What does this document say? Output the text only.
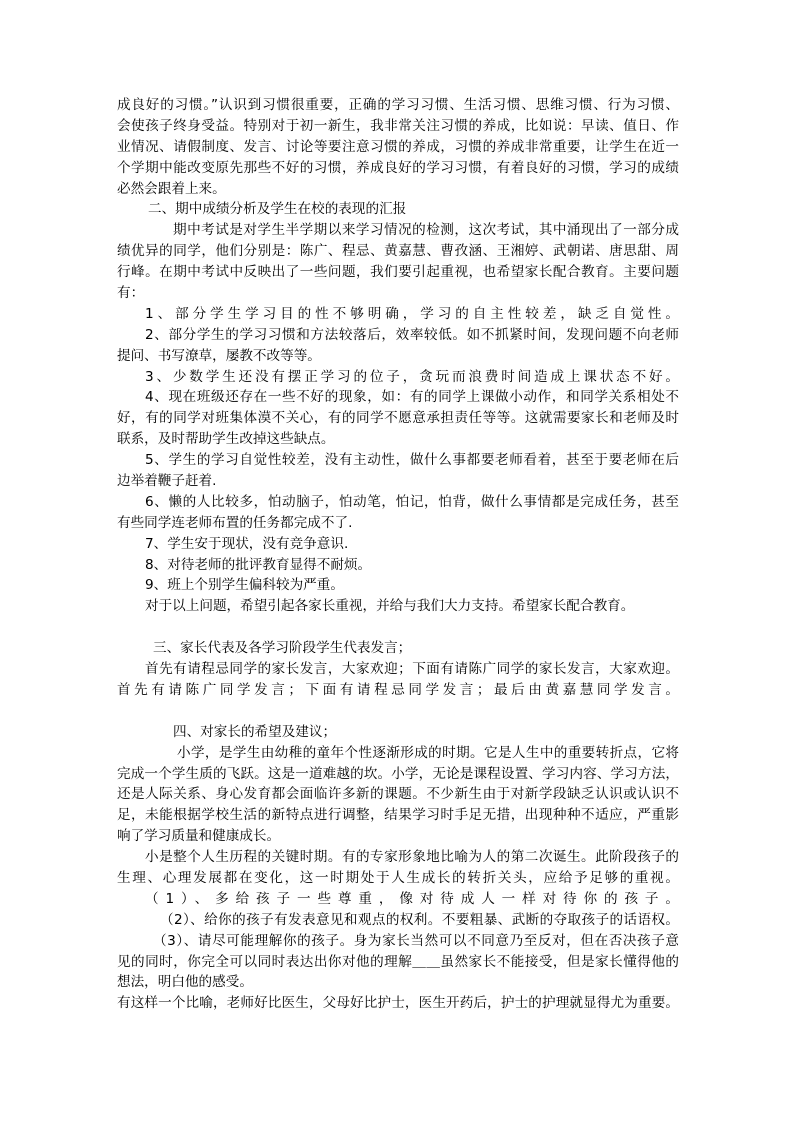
成良好的习惯。”认识到习惯很重要，正确的学习习惯、生活习惯、思维习惯、行为习惯、
会使孩子终身受益。特别对于初一新生，我非常关注习惯的养成，比如说：早读、值日、作
业情况、请假制度、发言、讨论等要注意习惯的养成，习惯的养成非常重要，让学生在近一
个学期中能改变原先那些不好的习惯，养成良好的学习习惯，有着良好的习惯，学习的成绩
必然会跟着上来。
二、期中成绩分析及学生在校的表现的汇报
期中考试是对学生半学期以来学习情况的检测，这次考试，其中涌现出了一部分成
绩优异的同学，他们分别是：陈广、程忌、黄嘉慧、曹孜涵、王湘婷、武朝诺、唐思甜、周
行峰。在期中考试中反映出了一些问题，我们要引起重视，也希望家长配合教育。主要问题
有：
1、部分学生学习目的性不够明确，学习的自主性较差，缺乏自觉性。
2、部分学生的学习习惯和方法较落后，效率较低。如不抓紧时间，发现问题不向老师
提问、书写潦草，屡教不改等等。
3、少数学生还没有摆正学习的位子，贪玩而浪费时间造成上课状态不好。
4、现在班级还存在一些不好的现象，如：有的同学上课做小动作，和同学关系相处不
好，有的同学对班集体漠不关心，有的同学不愿意承担责任等等。这就需要家长和老师及时
联系，及时帮助学生改掉这些缺点。
5、学生的学习自觉性较差，没有主动性，做什么事都要老师看着，甚至于要老师在后
边举着鞭子赶着.
6、懒的人比较多，怕动脑子，怕动笔，怕记，怕背，做什么事情都是完成任务，甚至
有些同学连老师布置的任务都完成不了.
7、学生安于现状，没有竞争意识.
8、对待老师的批评教育显得不耐烦。
9、班上个别学生偏科较为严重。
对于以上问题，希望引起各家长重视，并给与我们大力支持。希望家长配合教育。
三、家长代表及各学习阶段学生代表发言；
首先有请程忌同学的家长发言，大家欢迎；下面有请陈广同学的家长发言，大家欢迎。
首先有请陈广同学发言；下面有请程忌同学发言；最后由黄嘉慧同学发言。
四、对家长的希望及建议；
小学，是学生由幼稚的童年个性逐渐形成的时期。它是人生中的重要转折点，它将
完成一个学生质的飞跃。这是一道难越的坎。小学，无论是课程设置、学习内容、学习方法，
还是人际关系、身心发育都会面临许多新的课题。不少新生由于对新学段缺乏认识或认识不
足，未能根据学校生活的新特点进行调整，结果学习时手足无措，出现种种不适应，严重影
响了学习质量和健康成长。
小是整个人生历程的关键时期。有的专家形象地比喻为人的第二次诞生。此阶段孩子的
生理、心理发展都在变化，这一时期处于人生成长的转折关头，应给予足够的重视。
（1）、多给孩子一些尊重，像对待成人一样对待你的孩子。
（2）、给你的孩子有发表意见和观点的权利。不要粗暴、武断的夺取孩子的话语权。
（3）、请尽可能理解你的孩子。身为家长当然可以不同意乃至反对，但在否决孩子意
见的同时，你完全可以同时表达出你对他的理解＿＿虽然家长不能接受，但是家长懂得他的
想法，明白他的感受。
有这样一个比喻，老师好比医生，父母好比护士，医生开药后，护士的护理就显得尤为重要。
